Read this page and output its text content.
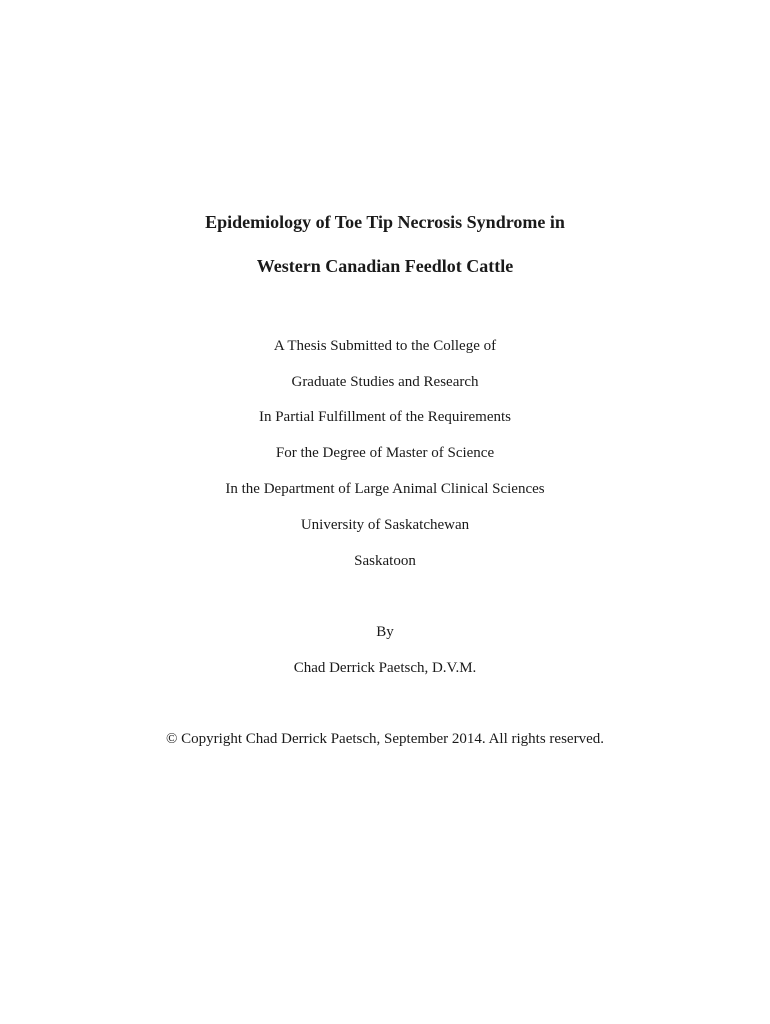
Epidemiology of Toe Tip Necrosis Syndrome in
Western Canadian Feedlot Cattle
A Thesis Submitted to the College of
Graduate Studies and Research
In Partial Fulfillment of the Requirements
For the Degree of Master of Science
In the Department of Large Animal Clinical Sciences
University of Saskatchewan
Saskatoon
By
Chad Derrick Paetsch, D.V.M.
© Copyright Chad Derrick Paetsch, September 2014. All rights reserved.
